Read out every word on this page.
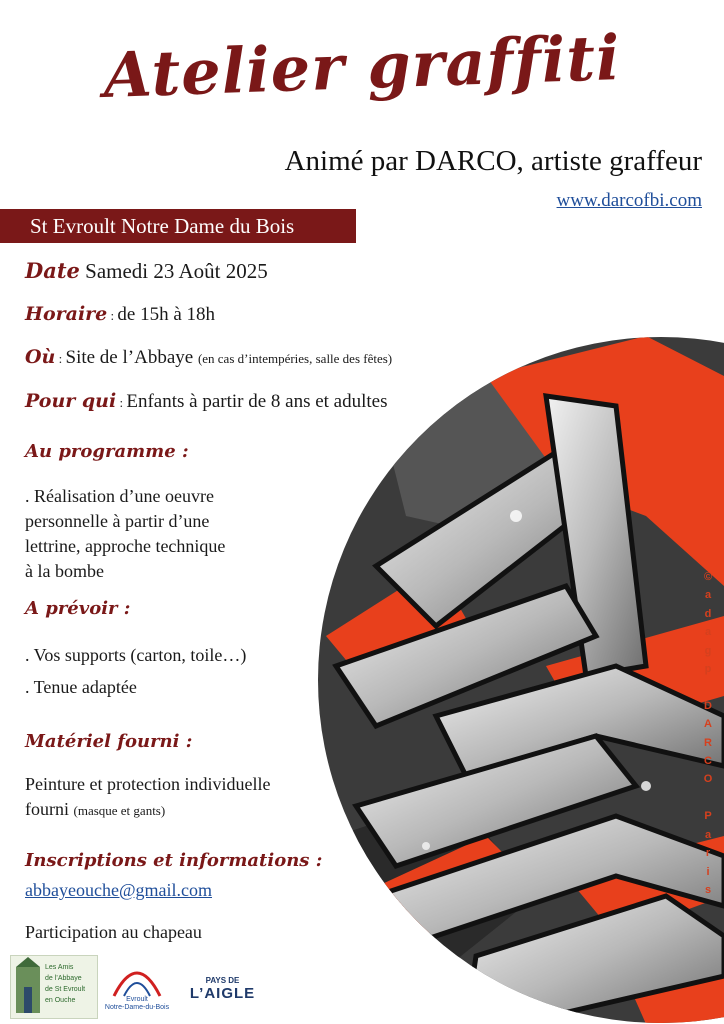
Atelier graffiti
Animé par DARCO, artiste graffeur
www.darcofbi.com
St Evroult Notre Dame du Bois
©
a
d
a
g
p

D
A
R
C
O

P
a
r
i
s
Date Samedi 23 Août 2025
Horaire : de 15h à 18h
Où : Site de l’Abbaye (en cas d’intempéries, salle des fêtes)
Pour qui : Enfants à partir de 8 ans et adultes
Au programme :
. Réalisation d’une oeuvre
personnelle à partir d’une
lettrine, approche technique
à la bombe
A prévoir :
. Vos supports (carton, toile…)
. Tenue adaptée
Matériel fourni :
Peinture et protection individuelle
fourni (masque et gants)
Inscriptions et informations :
abbayeouche@gmail.com
Participation au chapeau
Les Amis
de l’Abbaye
de St Evroult
en Ouche	Evroult
Notre-Dame-du-Bois
PAYS DE
L’AIGLE
